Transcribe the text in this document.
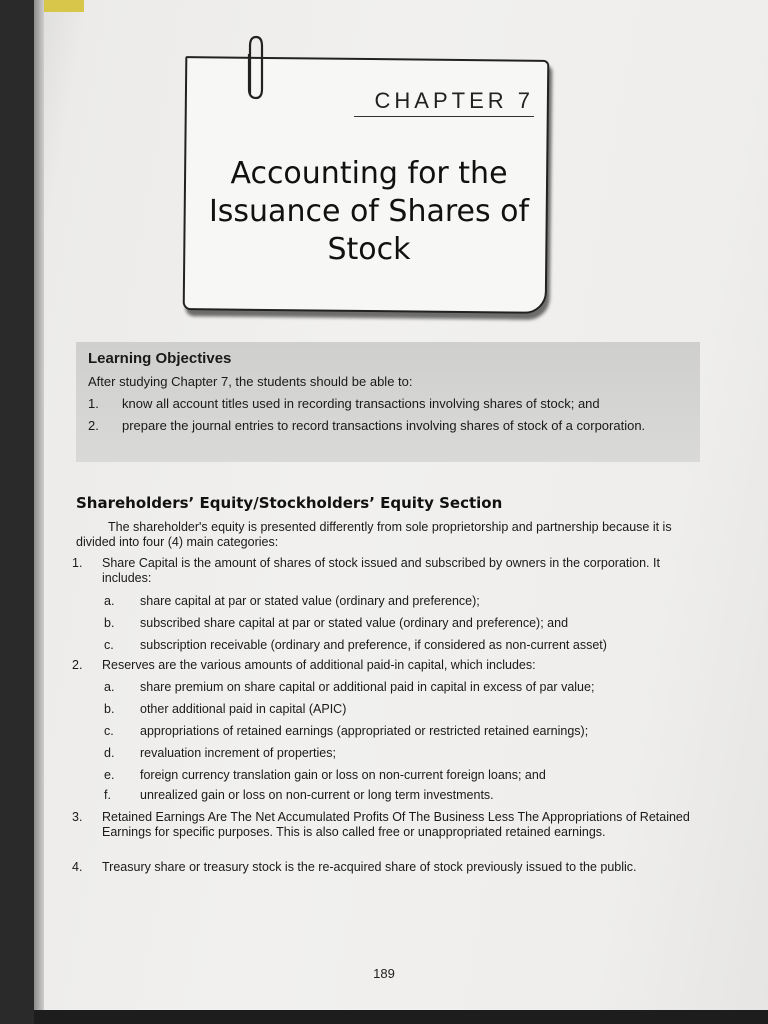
CHAPTER 7
Accounting for the Issuance of Shares of Stock
Learning Objectives
After studying Chapter 7, the students should be able to:
1.	know all account titles used in recording transactions involving shares of stock; and
2.	prepare the journal entries to record transactions involving shares of stock of a corporation.
Shareholders’ Equity/Stockholders’ Equity Section
The shareholder's equity is presented differently from sole proprietorship and partnership because it is divided into four (4) main categories:
1.	Share Capital is the amount of shares of stock issued and subscribed by owners in the corporation. It includes:
a.	share capital at par or stated value (ordinary and preference);
b.	subscribed share capital at par or stated value (ordinary and preference); and
c.	subscription receivable (ordinary and preference, if considered as non-current asset)
2.	Reserves are the various amounts of additional paid-in capital, which includes:
a.	share premium on share capital or additional paid in capital in excess of par value;
b.	other additional paid in capital (APIC)
c.	appropriations of retained earnings (appropriated or restricted retained earnings);
d.	revaluation increment of properties;
e.	foreign currency translation gain or loss on non-current foreign loans; and
f.	unrealized gain or loss on non-current or long term investments.
3.	Retained Earnings Are The Net Accumulated Profits Of The Business Less The Appropriations of Retained Earnings for specific purposes. This is also called free or unappropriated retained earnings.
4.	Treasury share or treasury stock is the re-acquired share of stock previously issued to the public.
189
